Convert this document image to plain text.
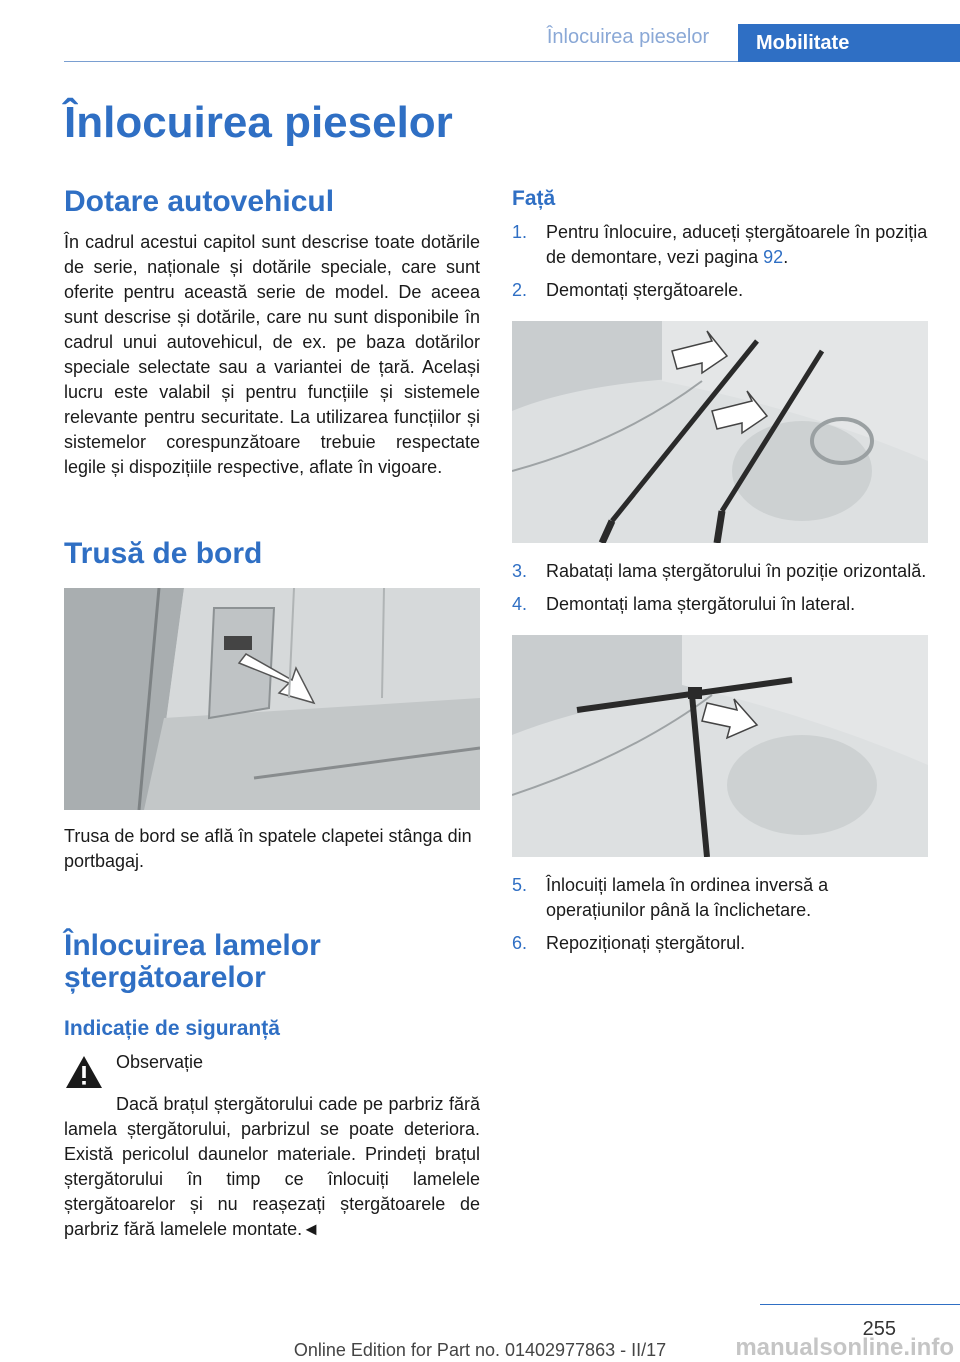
Înlocuirea pieselor	Mobilitate
Înlocuirea pieselor
Dotare autovehicul

În cadrul acestui capitol sunt descrise toate dotările de serie, naționale și dotările speciale, care sunt oferite pentru această serie de model. De aceea sunt descrise și dotările, care nu sunt disponibile în cadrul unui autovehicul, de ex. pe baza dotărilor speciale selectate sau a variantei de țară. Același lucru este valabil și pentru funcțiile și sistemele relevante pentru securitate. La utilizarea funcțiilor și sistemelor corespunzătoare trebuie respectate legile și dispozițiile respective, aflate în vigoare.

Trusă de bord

Trusa de bord se află în spatele clapetei stânga din portbagaj.

Înlocuirea lamelor ștergătoarelor
Indicație de siguranță

Observație

Dacă brațul ștergătorului cade pe parbriz fără lamela ștergătorului, parbrizul se poate deteriora. Există pericolul daunelor materiale. Prindeți brațul ștergătorului în timp ce înlocuiți lamelele ștergătoarelor și nu reașezați ștergătoarele de parbriz fără lamelele montate.◄

Față
1.	Pentru înlocuire, aduceți ștergătoarele în poziția de demontare, vezi pagina 92.
2.	Demontați ștergătoarele.
3.	Rabatați lama ștergătorului în poziție orizontală.
4.	Demontați lama ștergătorului în lateral.
5.	Înlocuiți lamela în ordinea inversă a operațiunilor până la înclichetare.
6.	Repoziționați ștergătorul.
255
Online Edition for Part no. 01402977863 - II/17	manualsonline.info
